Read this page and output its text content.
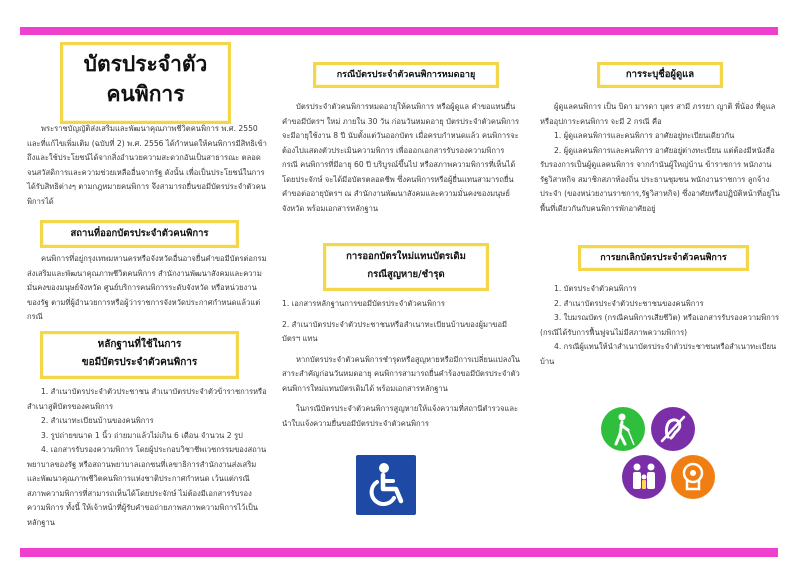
บัตรประจำตัว
คนพิการ

พระราชบัญญัติส่งเสริมและพัฒนาคุณภาพชีวิตคนพิการ พ.ศ. 2550 และที่แก้ไขเพิ่มเติม (ฉบับที่ 2) พ.ศ. 2556 ได้กำหนดให้คนพิการมีสิทธิเข้าถึงและใช้ประโยชน์ได้จากสิ่งอำนวยความสะดวกอันเป็นสาธารณะ ตลอดจนสวัสดิการและความช่วยเหลืออื่นจากรัฐ ดังนั้น เพื่อเป็นประโยชน์ในการได้รับสิทธิต่างๆ ตามกฎหมายคนพิการ จึงสามารถยื่นขอมีบัตรประจำตัวคนพิการได้

สถานที่ออกบัตรประจำตัวคนพิการ

คนพิการที่อยู่กรุงเทพมหานครหรือจังหวัดอื่นอาจยื่นคำขอมีบัตรต่อกรมส่งเสริมและพัฒนาคุณภาพชีวิตคนพิการ สำนักงานพัฒนาสังคมและความมั่นคงของมนุษย์จังหวัด ศูนย์บริการคนพิการระดับจังหวัด หรือหน่วยงานของรัฐ ตามที่ผู้อำนวยการหรือผู้ว่าราชการจังหวัดประกาศกำหนดแล้วแต่กรณี

หลักฐานที่ใช้ในการ
ขอมีบัตรประจำตัวคนพิการ

1. สำเนาบัตรประจำตัวประชาชน สำเนาบัตรประจำตัวข้าราชการหรือสำเนาสูติบัตรของคนพิการ

2. สำเนาทะเบียนบ้านของคนพิการ

3. รูปถ่ายขนาด 1 นิ้ว ถ่ายมาแล้วไม่เกิน 6 เดือน จำนวน 2 รูป

4. เอกสารรับรองความพิการ โดยผู้ประกอบวิชาชีพเวชกรรมของสถานพยาบาลของรัฐ หรือสถานพยาบาลเอกชนที่เลขาธิการสำนักงานส่งเสริมและพัฒนาคุณภาพชีวิตคนพิการแห่งชาติประกาศกำหนด เว้นแต่กรณีสภาพความพิการที่สามารถเห็นได้โดยประจักษ์ ไม่ต้องมีเอกสารรับรองความพิการ ทั้งนี้ ให้เจ้าหน้าที่ผู้รับคำขอถ่ายภาพสภาพความพิการไว้เป็นหลักฐาน

กรณีบัตรประจำตัวคนพิการหมดอายุ

บัตรประจำตัวคนพิการหมดอายุให้คนพิการ หรือผู้ดูแล คำขอแทนยื่นคำขอมีบัตรฯ ใหม่ ภายใน 30 วัน ก่อนวันหมดอายุ บัตรประจำตัวคนพิการ จะมีอายุใช้งาน 8 ปี นับตั้งแต่วันออกบัตร เมื่อครบกำหนดแล้ว คนพิการจะต้องไปแสดงตัวประเมินความพิการ เพื่อออกเอกสารรับรองความพิการ กรณี คนพิการที่มีอายุ 60 ปี บริบูรณ์ขึ้นไป หรือสภาพความพิการที่เห็นได้โดยประจักษ์ จะได้มีอบัตรตลอดชีพ ซึ่งคนพิการหรือผู้ยื่นแทนสามารถยื่นคำขอต่ออายุบัตรฯ ณ สำนักงานพัฒนาสังคมและความมั่นคงของมนุษย์จังหวัด พร้อมเอกสารหลักฐาน

การออกบัตรใหม่แทนบัตรเดิม
กรณีสูญหาย/ชำรุด

1. เอกสารหลักฐานการขอมีบัตรประจำตัวคนพิการ

2. สำเนาบัตรประจำตัวประชาชนหรือสำเนาทะเบียนบ้านของผู้มาขอมีบัตรฯ แทน

หากบัตรประจำตัวคนพิการชำรุดหรือสูญหายหรือมีการเปลี่ยนแปลงในสาระสำคัญก่อนวันหมดอายุ คนพิการสามารถยื่นคำร้องขอมีบัตรประจำตัวคนพิการใหม่แทนบัตรเดิมได้ พร้อมเอกสารหลักฐาน

ในกรณีบัตรประจำตัวคนพิการสูญหายให้แจ้งความที่สถานีตำรวจและนำใบแจ้งความยื่นขอมีบัตรประจำตัวคนพิการ

การระบุชื่อผู้ดูแล

ผู้ดูแลคนพิการ เป็น บิดา มารดา บุตร สามี ภรรยา ญาติ พี่น้อง ที่ดูแลหรืออุปการะคนพิการ จะมี 2 กรณี คือ

1. ผู้ดูแลคนพิการและคนพิการ อาศัยอยู่ทะเบียนเดียวกัน

2. ผู้ดูแลคนพิการและคนพิการ อาศัยอยู่ต่างทะเบียน แต่ต้องมีหนังสือรับรองการเป็นผู้ดูแลคนพิการ จากกำนันผู้ใหญ่บ้าน ข้าราชการ พนักงานรัฐวิสาหกิจ สมาชิกสภาท้องถิ่น ประธานชุมชน พนักงานราชการ ลูกจ้างประจำ (ของหน่วยงานราชการ,รัฐวิสาหกิจ) ซึ่งอาศัยหรือปฏิบัติหน้าที่อยู่ในพื้นที่เดียวกันกับคนพิการพักอาศัยอยู่

การยกเลิกบัตรประจำตัวคนพิการ

1. บัตรประจำตัวคนพิการ

2. สำเนาบัตรประจำตัวประชาชนของคนพิการ

3. ใบมรณบัตร (กรณีคนพิการเสียชีวิต) หรือเอกสารรับรองความพิการ (กรณีได้รับการฟื้นฟูจนไม่มีสภาพความพิการ)

4. กรณีผู้แทนให้นำสำเนาบัตรประจำตัวประชาชนหรือสำเนาทะเบียนบ้าน
